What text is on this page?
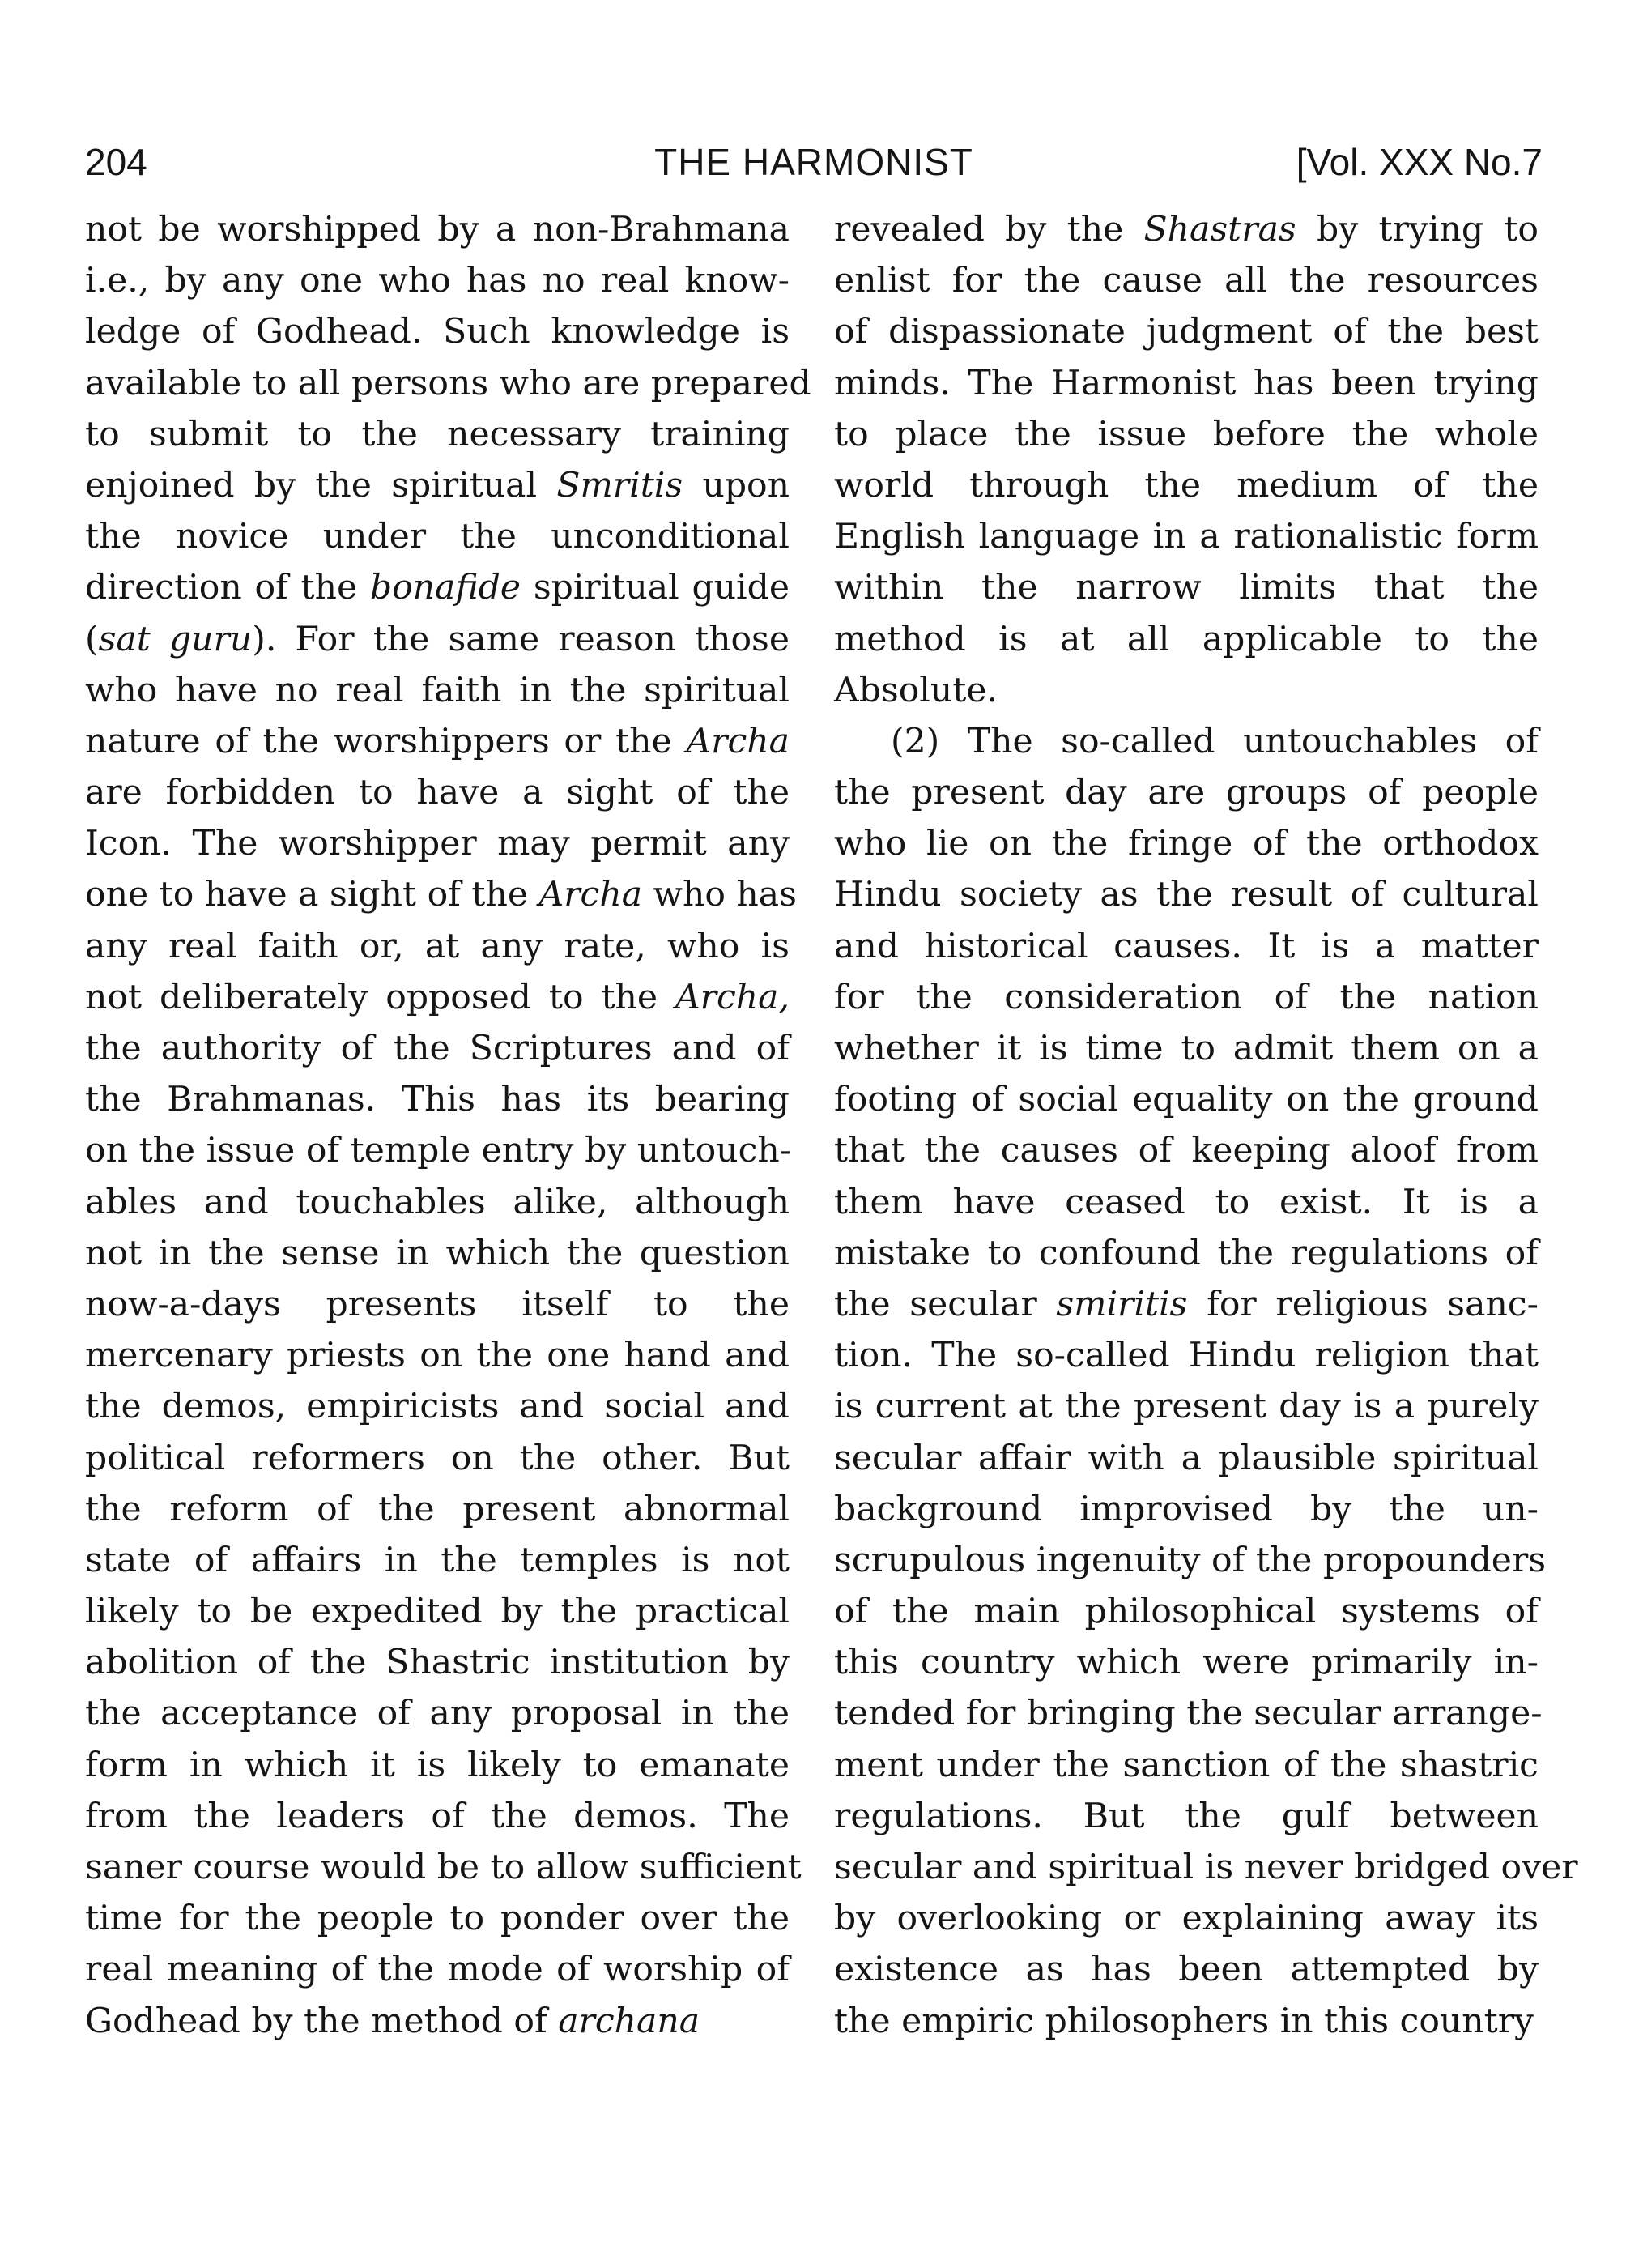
204	THE HARMONIST	[Vol. XXX No.7
not be worshipped by a non-Brahmana
i.e., by any one who has no real know-
ledge of Godhead. Such knowledge is
available to all persons who are prepared
to submit to the necessary training
enjoined by the spiritual Smritis upon
the novice under the unconditional
direction of the bonafide spiritual guide
(sat guru). For the same reason those
who have no real faith in the spiritual
nature of the worshippers or the Archa
are forbidden to have a sight of the
Icon. The worshipper may permit any
one to have a sight of the Archa who has
any real faith or, at any rate, who is
not deliberately opposed to the Archa,
the authority of the Scriptures and of
the Brahmanas. This has its bearing
on the issue of temple entry by untouch-
ables and touchables alike, although
not in the sense in which the question
now-a-days presents itself to the
mercenary priests on the one hand and
the demos, empiricists and social and
political reformers on the other. But
the reform of the present abnormal
state of affairs in the temples is not
likely to be expedited by the practical
abolition of the Shastric institution by
the acceptance of any proposal in the
form in which it is likely to emanate
from the leaders of the demos. The
saner course would be to allow sufficient
time for the people to ponder over the
real meaning of the mode of worship of
Godhead by the method of archana
revealed by the Shastras by trying to
enlist for the cause all the resources
of dispassionate judgment of the best
minds. The Harmonist has been trying
to place the issue before the whole
world through the medium of the
English language in a rationalistic form
within the narrow limits that the
method is at all applicable to the
Absolute.
(2) The so-called untouchables of
the present day are groups of people
who lie on the fringe of the orthodox
Hindu society as the result of cultural
and historical causes. It is a matter
for the consideration of the nation
whether it is time to admit them on a
footing of social equality on the ground
that the causes of keeping aloof from
them have ceased to exist. It is a
mistake to confound the regulations of
the secular smiritis for religious sanc-
tion. The so-called Hindu religion that
is current at the present day is a purely
secular affair with a plausible spiritual
background improvised by the un-
scrupulous ingenuity of the propounders
of the main philosophical systems of
this country which were primarily in-
tended for bringing the secular arrange-
ment under the sanction of the shastric
regulations. But the gulf between
secular and spiritual is never bridged over
by overlooking or explaining away its
existence as has been attempted by
the empiric philosophers in this country
